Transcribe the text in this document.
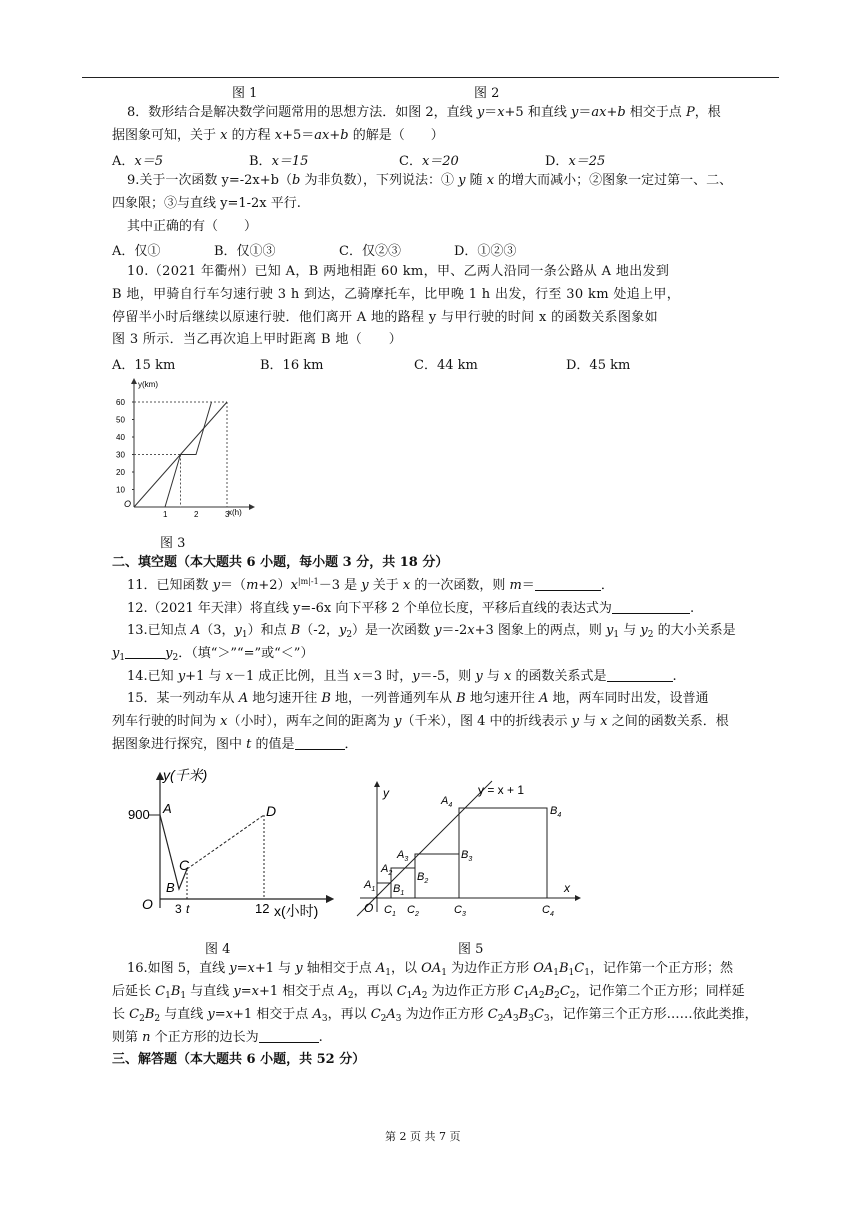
图 1	图 2
8．数形结合是解决数学问题常用的思想方法．如图 2，直线 y＝x+5 和直线 y＝ax+b 相交于点 P，根
据图象可知，关于 x 的方程 x+5＝ax+b 的解是（　　）
A．x＝5	B．x＝15	C．x＝20	D．x＝25
9.关于一次函数 y=-2x+b（b 为非负数），下列说法：① y 随 x 的增大而减小；②图象一定过第一、二、
四象限；③与直线 y=1-2x 平行.
其中正确的有（　　）
A．仅①	B．仅①③	C．仅②③	D．①②③
10.（2021 年衢州）已知 A，B 两地相距 60 km，甲、乙两人沿同一条公路从 A 地出发到
B 地，甲骑自行车匀速行驶 3 h 到达，乙骑摩托车，比甲晚 1 h 出发，行至 30 km 处追上甲，
停留半小时后继续以原速行驶．他们离开 A 地的路程 y 与甲行驶的时间 x 的函数关系图象如
图 3 所示．当乙再次追上甲时距离 B 地（　　）
A．15 km	B．16 km	C．44 km	D．45 km
60
50
40
30
20
10
1	2	3
y(km)
x(h)
O
图 3
二、填空题（本大题共 6 小题，每小题 3 分，共 18 分）
11．已知函数 $y=(m+2)x^{|m|-1}-3$ 是 y 关于 x 的一次函数，则 m＝	．
12.（2021 年天津）将直线 y=-6x 向下平移 2 个单位长度，平移后直线的表达式为	.
13.已知点 A（3，$y_1$）和点 B（-2，$y_2$）是一次函数 y＝-2x+3 图象上的两点，则 $y_1$ 与 $y_2$ 的大小关系是
$y_1$	$y_2$．（填“＞”“=”或“＜”）
14.已知 y+1 与 x－1 成正比例，且当 x＝3 时，y＝-5，则 y 与 x 的函数关系式是	.
15．某一列动车从 A 地匀速开往 B 地，一列普通列车从 B 地匀速开往 A 地，两车同时出发，设普通
列车行驶的时间为 x（小时），两车之间的距离为 y（千米），图 4 中的折线表示 y 与 x 之间的函数关系．根
据图象进行探究，图中 t 的值是	．
900
y(千米)
A
B
C
D
O 3 t	12 x(小时)
图 4
y = x + 1
y
x
O
$A_1$
$A_2$
$A_3$
$A_4$
$B_1$
$B_2$
$B_3$
$B_4$
$C_1$ $C_2$	$C_3$	$C_4$
图 5
16.如图 5，直线 y=x+1 与 y 轴相交于点 $A_1$，以 $OA_1$ 为边作正方形 $OA_1B_1C_1$，记作第一个正方形；然
后延长 $C_1B_1$ 与直线 y=x+1 相交于点 $A_2$，再以 $C_1A_2$ 为边作正方形 $C_1A_2B_2C_2$，记作第二个正方形；同样延
长 $C_2B_2$ 与直线 y=x+1 相交于点 $A_3$，再以 $C_2A_3$ 为边作正方形 $C_2A_3B_3C_3$，记作第三个正方形……依此类推，
则第 n 个正方形的边长为	.
三、解答题（本大题共 6 小题，共 52 分）
第 2 页 共 7 页
